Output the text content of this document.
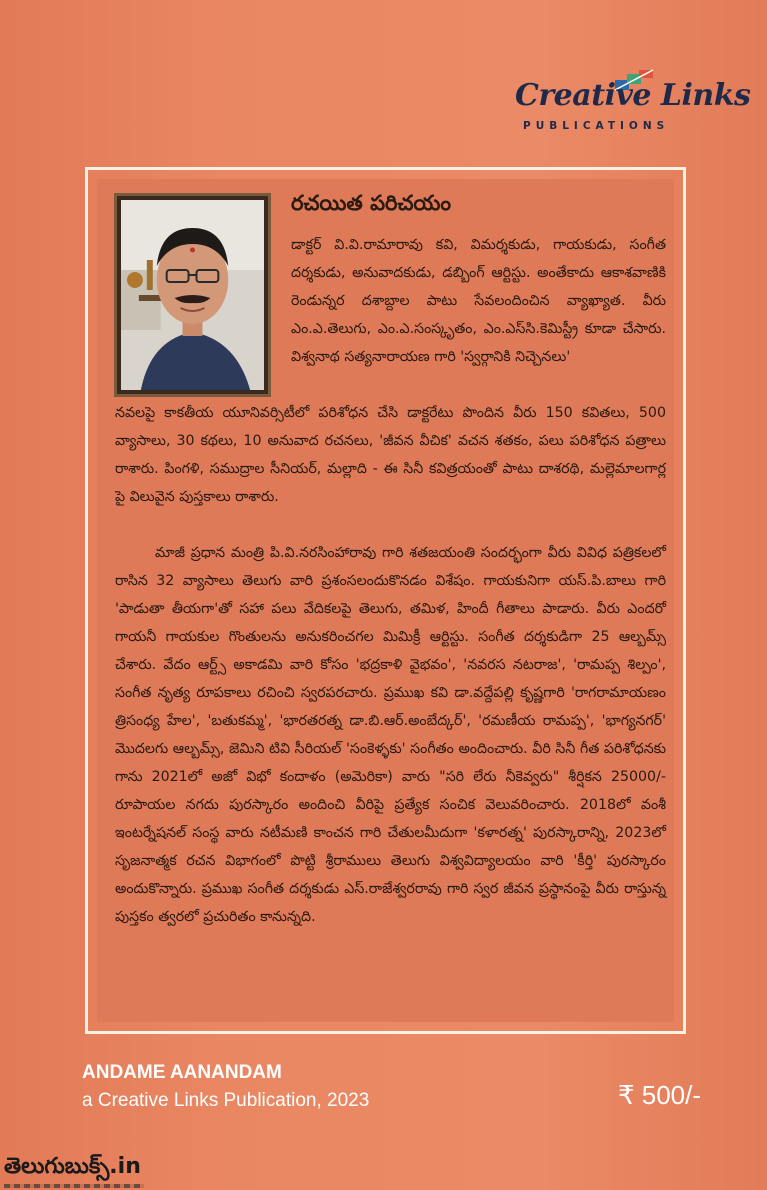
Creative Links
PUBLICATIONS
రచయిత పరిచయం

డాక్టర్ వి.వి.రామారావు కవి, విమర్శకుడు, గాయకుడు, సంగీత దర్శకుడు, అనువాదకుడు, డబ్బింగ్ ఆర్టిస్టు. అంతేకాదు ఆకాశవాణికి రెండున్నర దశాబ్దాల పాటు సేవలందించిన వ్యాఖ్యాత. వీరు ఎం.ఎ.తెలుగు, ఎం.ఎ.సంస్కృతం, ఎం.ఎస్‌సి.కెమిస్ట్రీ కూడా చేసారు. విశ్వనాథ సత్యనారాయణ గారి 'స్వర్గానికి నిచ్చెనలు'

నవలపై కాకతీయ యూనివర్సిటీలో పరిశోధన చేసి డాక్టరేటు పొందిన వీరు 150 కవితలు, 500 వ్యాసాలు, 30 కథలు, 10 అనువాద రచనలు, 'జీవన వీచిక' వచన శతకం, పలు పరిశోధన పత్రాలు రాశారు. పింగళి, సముద్రాల సీనియర్, మల్లాది - ఈ సినీ కవిత్రయంతో పాటు దాశరథి, మల్లెమాలగార్ల పై విలువైన పుస్తకాలు రాశారు.

మాజీ ప్రధాన మంత్రి పి.వి.నరసింహారావు గారి శతజయంతి సందర్భంగా వీరు వివిధ పత్రికలలో రాసిన 32 వ్యాసాలు తెలుగు వారి ప్రశంసలందుకొనడం విశేషం. గాయకునిగా యస్.పి.బాలు గారి 'పాడుతా తీయగా'తో సహా పలు వేదికలపై తెలుగు, తమిళ, హిందీ గీతాలు పాడారు. వీరు ఎందరో గాయనీ గాయకుల గొంతులను అనుకరించగల మిమిక్రీ ఆర్టిస్టు. సంగీత దర్శకుడిగా 25 ఆల్బమ్స్ చేశారు. వేదం ఆర్ట్స్ అకాడమి వారి కోసం 'భద్రకాళి వైభవం', 'నవరస నటరాజ', 'రామప్ప శిల్పం', సంగీత నృత్య రూపకాలు రచించి స్వరపరచారు. ప్రముఖ కవి డా.వద్దేపల్లి కృష్ణగారి 'రాగరామాయణం త్రిసంధ్య హేల', 'బతుకమ్మ', 'భారతరత్న డా.బి.ఆర్.అంబేద్కర్', 'రమణీయ రామప్ప', 'భాగ్యనగర్' మొదలగు ఆల్బమ్స్, జెమిని టివి సీరియల్ 'సంకెళ్ళకు' సంగీతం అందించారు. వీరి సినీ గీత పరిశోధనకు గాను 2021లో అజో విభో కందాళం (అమెరికా) వారు "సరి లేరు నీకెవ్వరు" శీర్షికన 25000/-రూపాయల నగదు పురస్కారం అందించి వీరిపై ప్రత్యేక సంచిక వెలువరించారు. 2018లో వంశీ ఇంటర్నేషనల్ సంస్థ వారు నటీమణి కాంచన గారి చేతులమీదుగా 'కళారత్న' పురస్కారాన్ని, 2023లో సృజనాత్మక రచన విభాగంలో పొట్టి శ్రీరాములు తెలుగు విశ్వవిద్యాలయం వారి 'కీర్తి' పురస్కారం అందుకొన్నారు. ప్రముఖ సంగీత దర్శకుడు ఎస్.రాజేశ్వరరావు గారి స్వర జీవన ప్రస్థానంపై వీరు రాస్తున్న పుస్తకం త్వరలో ప్రచురితం కానున్నది.

ANDAME AANANDAM
a Creative Links Publication, 2023	₹ 500/-
తెలుగుబుక్స్.in
